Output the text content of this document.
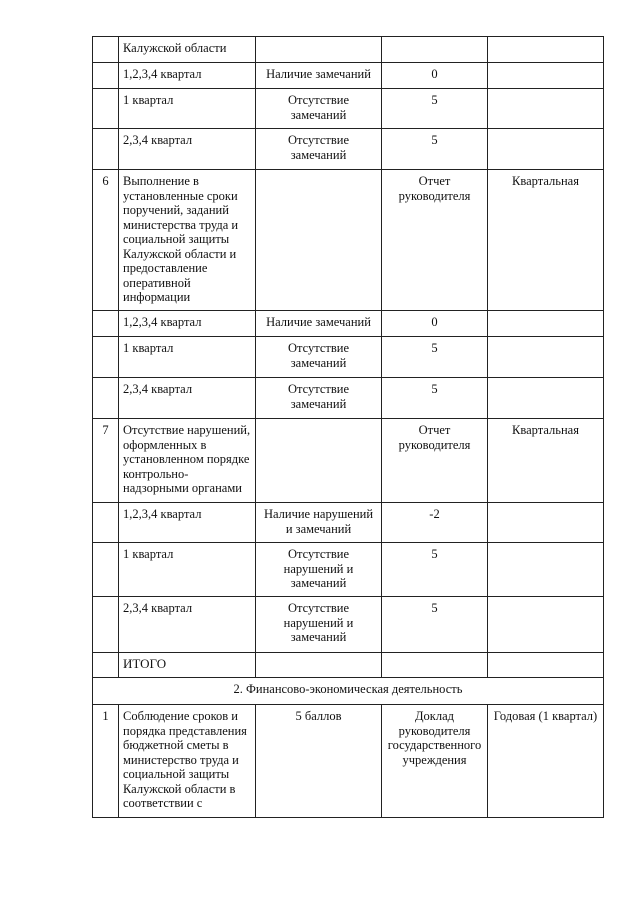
	Калужской области			
	1,2,3,4 квартал	Наличие замечаний	0	
	1 квартал	Отсутствие замечаний	5	
	2,3,4 квартал	Отсутствие замечаний	5	
6	Выполнение в установленные сроки поручений, заданий министерства труда и социальной защиты Калужской области и предоставление оперативной информации		Отчет руководителя	Квартальная
	1,2,3,4 квартал	Наличие замечаний	0	
	1 квартал	Отсутствие замечаний	5	
	2,3,4 квартал	Отсутствие замечаний	5	
7	Отсутствие нарушений, оформленных в установленном порядке контрольно-надзорными органами		Отчет руководителя	Квартальная
	1,2,3,4 квартал	Наличие нарушений и замечаний	-2	
	1 квартал	Отсутствие нарушений и замечаний	5	
	2,3,4 квартал	Отсутствие нарушений и замечаний	5	
	ИТОГО			
2. Финансово-экономическая деятельность				
1	Соблюдение сроков и порядка представления бюджетной сметы в министерство труда и социальной защиты Калужской области в соответствии с	5 баллов	Доклад руководителя государственного учреждения	Годовая (1 квартал)
